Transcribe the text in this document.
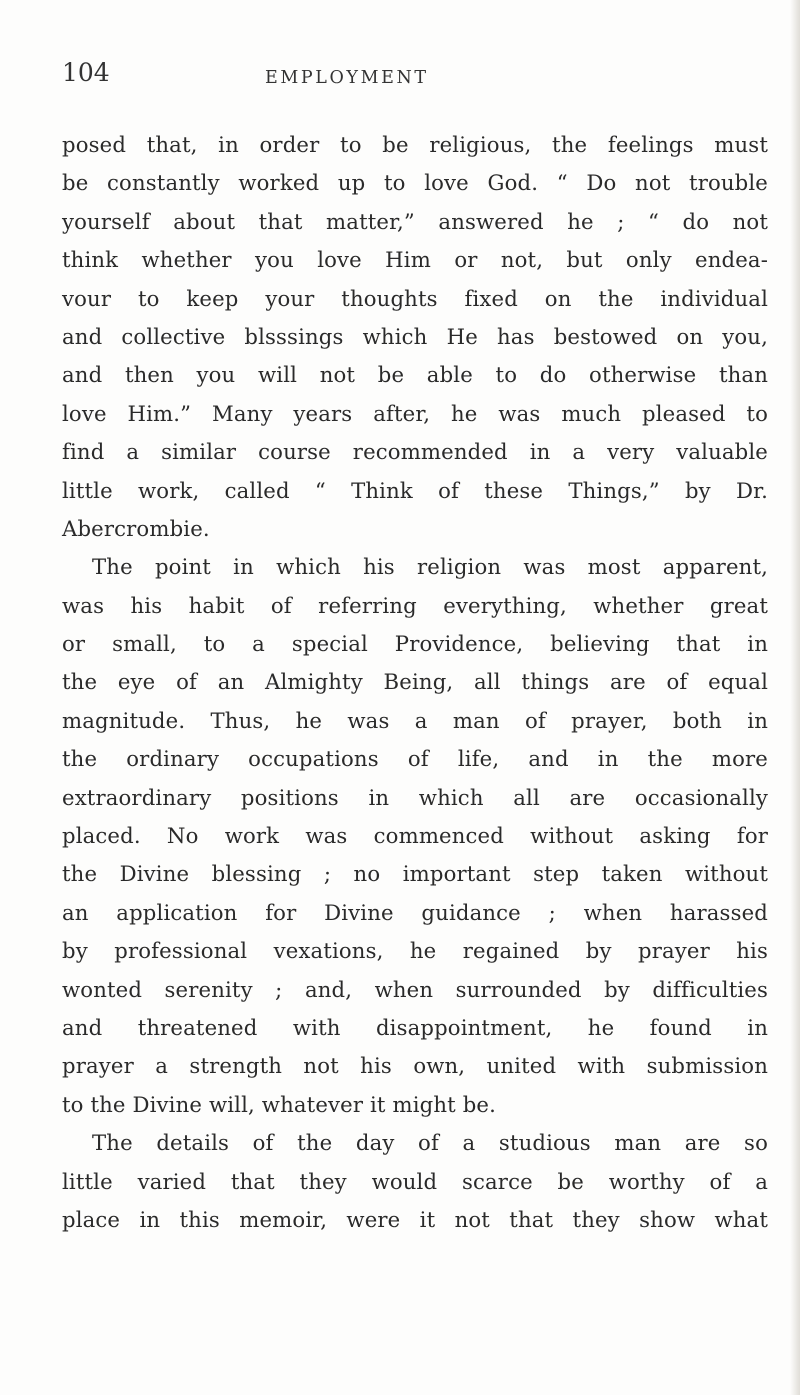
104	EMPLOYMENT
posed that, in order to be religious, the feelings must
be constantly worked up to love God. “ Do not trouble
yourself about that matter,” answered he ; “ do not
think whether you love Him or not, but only endea-
vour to keep your thoughts fixed on the individual
and collective blsssings which He has bestowed on you,
and then you will not be able to do otherwise than
love Him.” Many years after, he was much pleased to
find a similar course recommended in a very valuable
little work, called “ Think of these Things,” by Dr.
Abercrombie.
The point in which his religion was most apparent,
was his habit of referring everything, whether great
or small, to a special Providence, believing that in
the eye of an Almighty Being, all things are of equal
magnitude. Thus, he was a man of prayer, both in
the ordinary occupations of life, and in the more
extraordinary positions in which all are occasionally
placed. No work was commenced without asking for
the Divine blessing ; no important step taken without
an application for Divine guidance ; when harassed
by professional vexations, he regained by prayer his
wonted serenity ; and, when surrounded by difficulties
and threatened with disappointment, he found in
prayer a strength not his own, united with submission
to the Divine will, whatever it might be.
The details of the day of a studious man are so
little varied that they would scarce be worthy of a
place in this memoir, were it not that they show what
